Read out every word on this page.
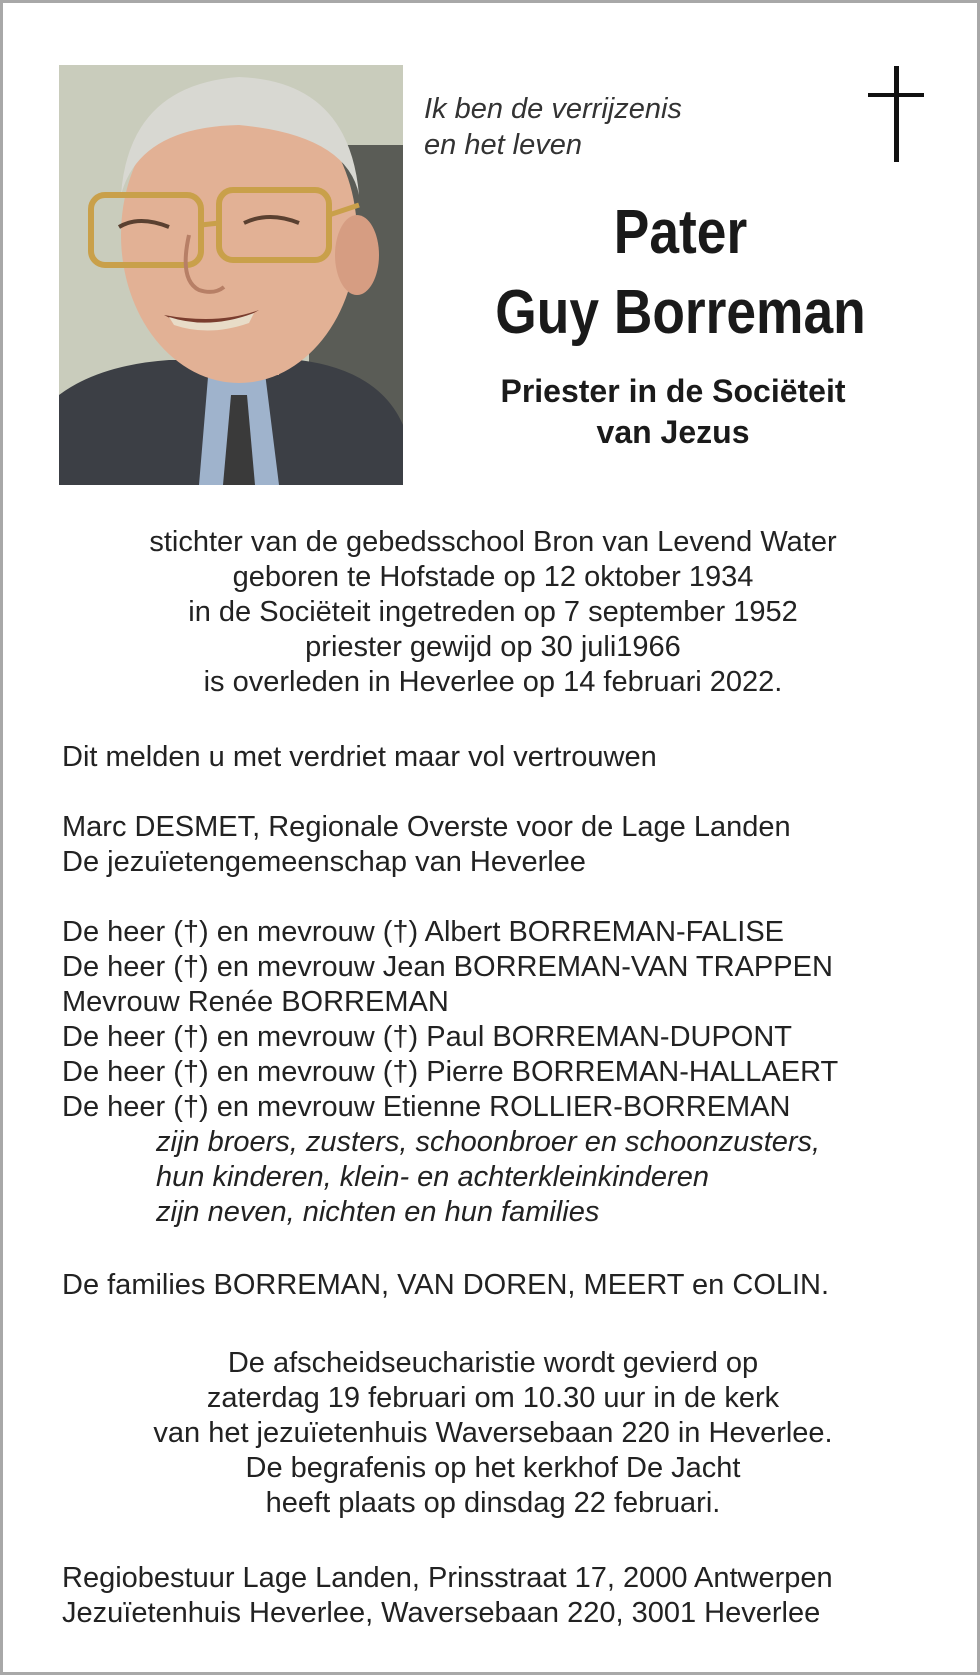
Ik ben de verrijzenis
en het leven
Pater
Guy Borreman
Priester in de Sociëteit
van Jezus
stichter van de gebedsschool Bron van Levend Water
geboren te Hofstade op 12 oktober 1934
in de Sociëteit ingetreden op 7 september 1952
priester gewijd op 30 juli1966
is overleden in Heverlee op 14 februari 2022.
Dit melden u met verdriet maar vol vertrouwen
Marc DESMET, Regionale Overste voor de Lage Landen
De jezuïetengemeenschap van Heverlee
De heer (†) en mevrouw (†) Albert BORREMAN-FALISE
De heer (†) en mevrouw Jean BORREMAN-VAN TRAPPEN
Mevrouw Renée BORREMAN
De heer (†) en mevrouw (†) Paul BORREMAN-DUPONT
De heer (†) en mevrouw (†) Pierre BORREMAN-HALLAERT
De heer (†) en mevrouw Etienne ROLLIER-BORREMAN
zijn broers, zusters, schoonbroer en schoonzusters,
hun kinderen, klein- en achterkleinkinderen
zijn neven, nichten en hun families
De families BORREMAN, VAN DOREN, MEERT en COLIN.
De afscheidseucharistie wordt gevierd op
zaterdag 19 februari om 10.30 uur in de kerk
van het jezuïetenhuis Waversebaan 220 in Heverlee.
De begrafenis op het kerkhof De Jacht
heeft plaats op dinsdag 22 februari.
Regiobestuur Lage Landen, Prinsstraat 17, 2000 Antwerpen
Jezuïetenhuis Heverlee, Waversebaan 220, 3001 Heverlee
